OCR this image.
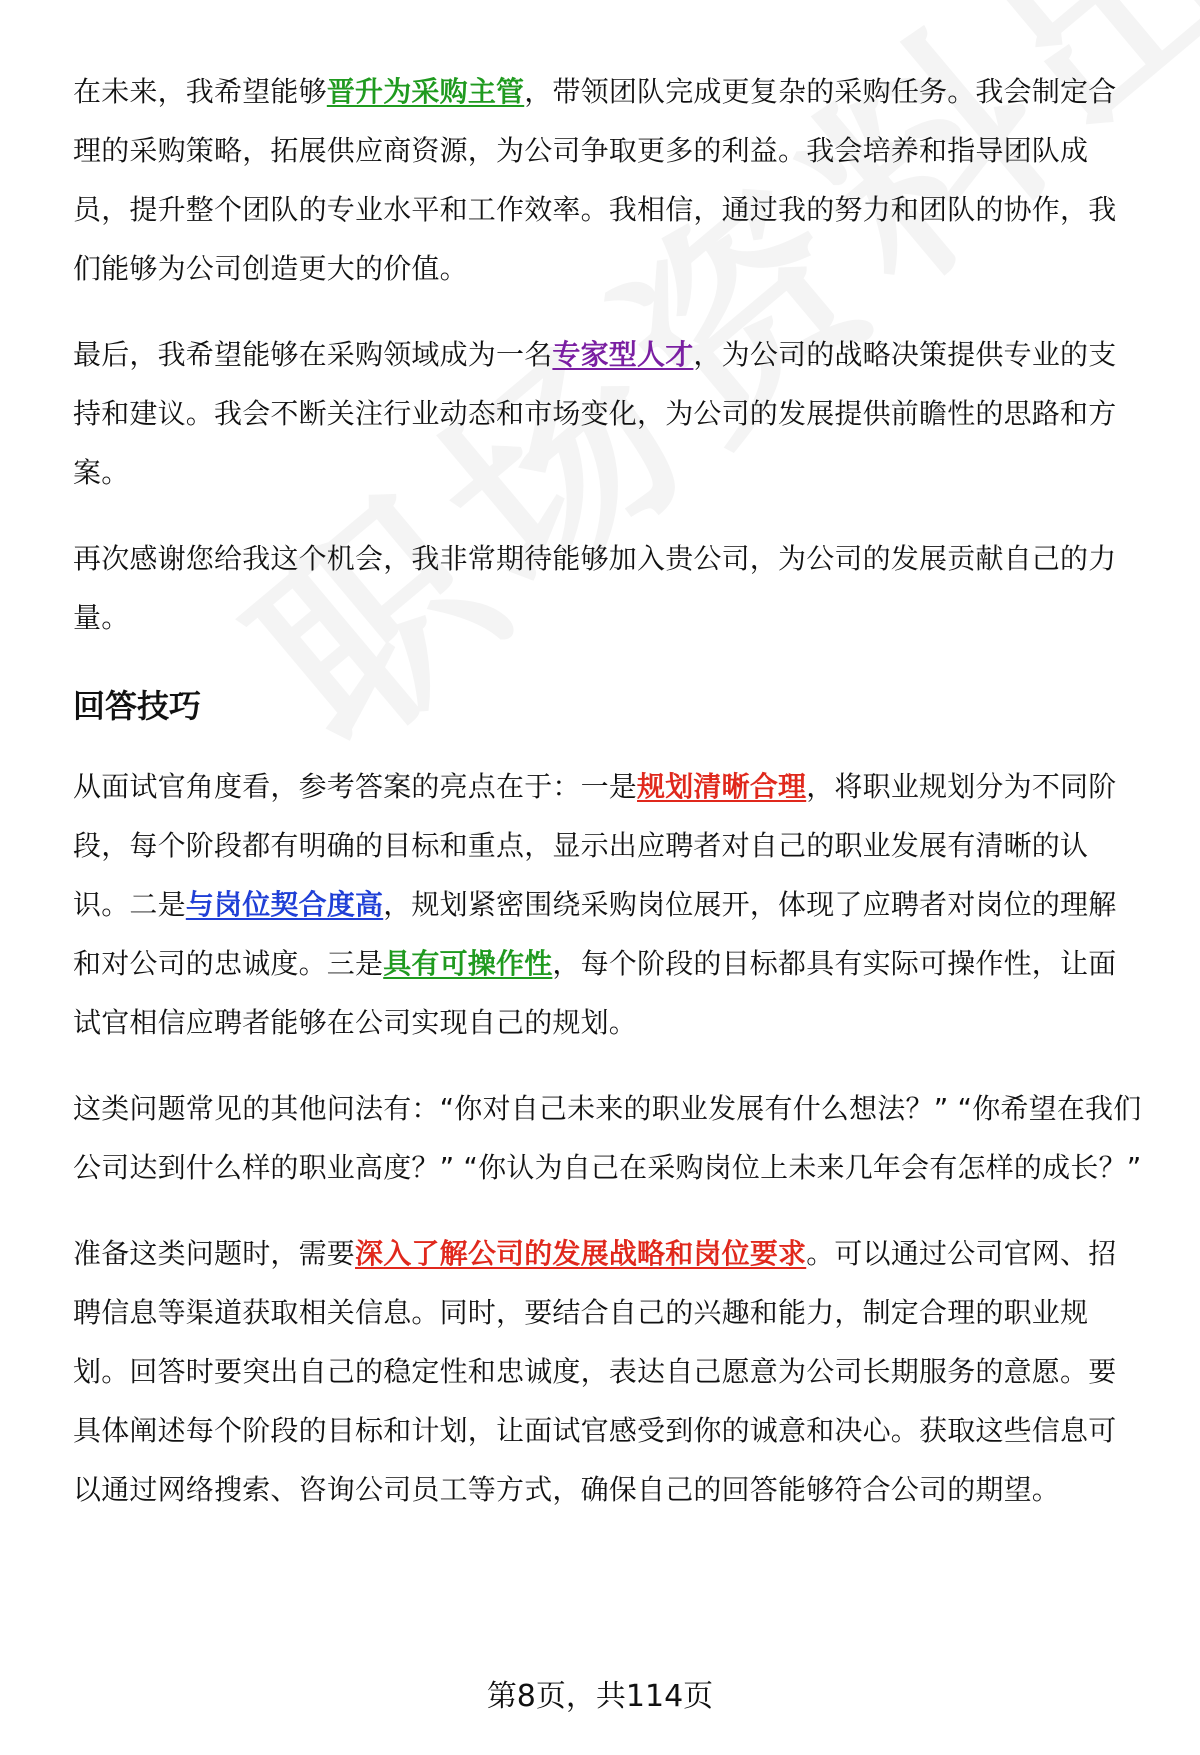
在未来，我希望能够晋升为采购主管，带领团队完成更复杂的采购任务。我会制定合理的采购策略，拓展供应商资源，为公司争取更多的利益。我会培养和指导团队成员，提升整个团队的专业水平和工作效率。我相信，通过我的努力和团队的协作，我们能够为公司创造更大的价值。

最后，我希望能够在采购领域成为一名专家型人才，为公司的战略决策提供专业的支持和建议。我会不断关注行业动态和市场变化，为公司的发展提供前瞻性的思路和方案。

再次感谢您给我这个机会，我非常期待能够加入贵公司，为公司的发展贡献自己的力量。

回答技巧

从面试官角度看，参考答案的亮点在于：一是规划清晰合理，将职业规划分为不同阶段，每个阶段都有明确的目标和重点，显示出应聘者对自己的职业发展有清晰的认识。二是与岗位契合度高，规划紧密围绕采购岗位展开，体现了应聘者对岗位的理解和对公司的忠诚度。三是具有可操作性，每个阶段的目标都具有实际可操作性，让面试官相信应聘者能够在公司实现自己的规划。

这类问题常见的其他问法有：“你对自己未来的职业发展有什么想法？” “你希望在我们公司达到什么样的职业高度？” “你认为自己在采购岗位上未来几年会有怎样的成长？”

准备这类问题时，需要深入了解公司的发展战略和岗位要求。可以通过公司官网、招聘信息等渠道获取相关信息。同时，要结合自己的兴趣和能力，制定合理的职业规划。回答时要突出自己的稳定性和忠诚度，表达自己愿意为公司长期服务的意愿。要具体阐述每个阶段的目标和计划，让面试官感受到你的诚意和决心。获取这些信息可以通过网络搜索、咨询公司员工等方式，确保自己的回答能够符合公司的期望。

第8页，共114页
